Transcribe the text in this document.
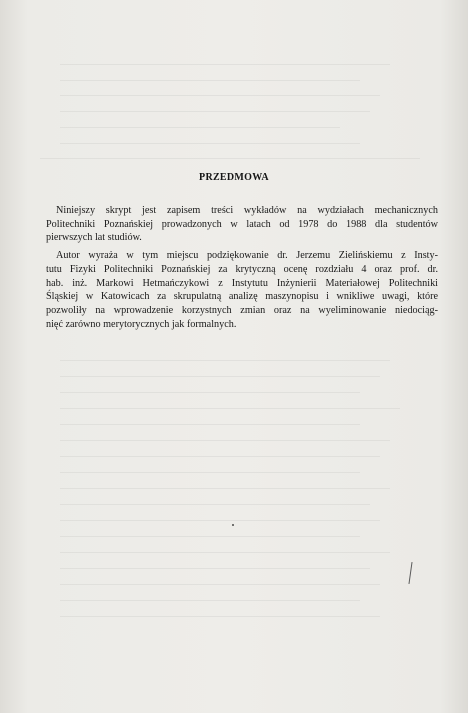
PRZEDMOWA

Niniejszy skrypt jest zapisem treści wykładów na wydziałach mechanicznych
Politechniki Poznańskiej prowadzonych w latach od 1978 do 1988 dla studentów
pierwszych lat studiów.

Autor wyraża w tym miejscu podziękowanie dr. Jerzemu Zielińskiemu z Insty-
tutu Fizyki Politechniki Poznańskiej za krytyczną ocenę rozdziału 4 oraz prof. dr.
hab. inż. Markowi Hetmańczykowi z Instytutu Inżynierii Materiałowej Politechniki
Śląskiej w Katowicach za skrupulatną analizę maszynopisu i wnikliwe uwagi, które
pozwoliły na wprowadzenie korzystnych zmian oraz na wyeliminowanie niedociąg-
nięć zarówno merytorycznych jak formalnych.
